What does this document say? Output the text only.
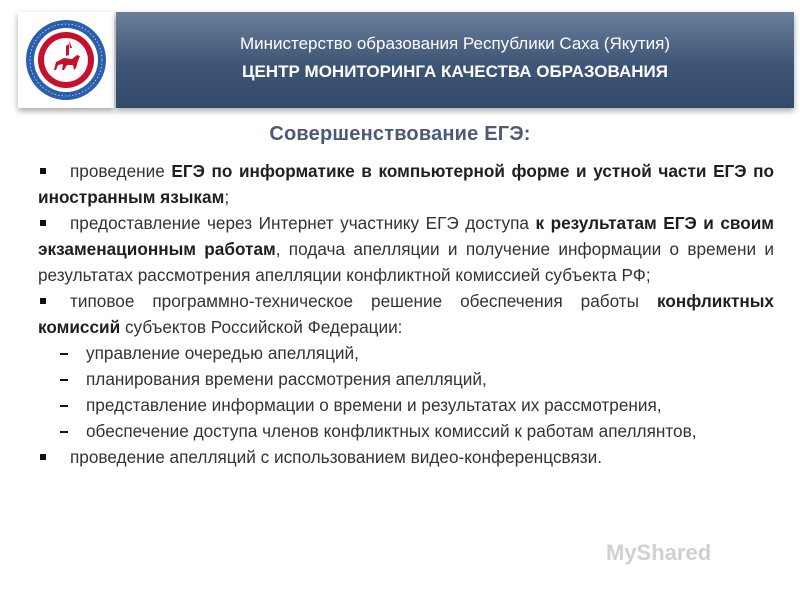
Министерство образования Республики Саха (Якутия)
ЦЕНТР МОНИТОРИНГА КАЧЕСТВА ОБРАЗОВАНИЯ
Совершенствование ЕГЭ:

проведение ЕГЭ по информатике в компьютерной форме и устной части ЕГЭ по иностранным языкам;

предоставление через Интернет участнику ЕГЭ доступа к результатам ЕГЭ и своим экзаменационным работам, подача апелляции и получение информации о времени и результатах рассмотрения апелляции конфликтной комиссией субъекта РФ;

типовое программно-техническое решение обеспечения работы конфликтных комиссий субъектов Российской Федерации:

управление очередью апелляций,

планирования времени рассмотрения апелляций,

представление информации о времени и результатах их рассмотрения,

обеспечение доступа членов конфликтных комиссий к работам апеллянтов,

проведение апелляций с использованием видео-конференцсвязи.

MyShared
